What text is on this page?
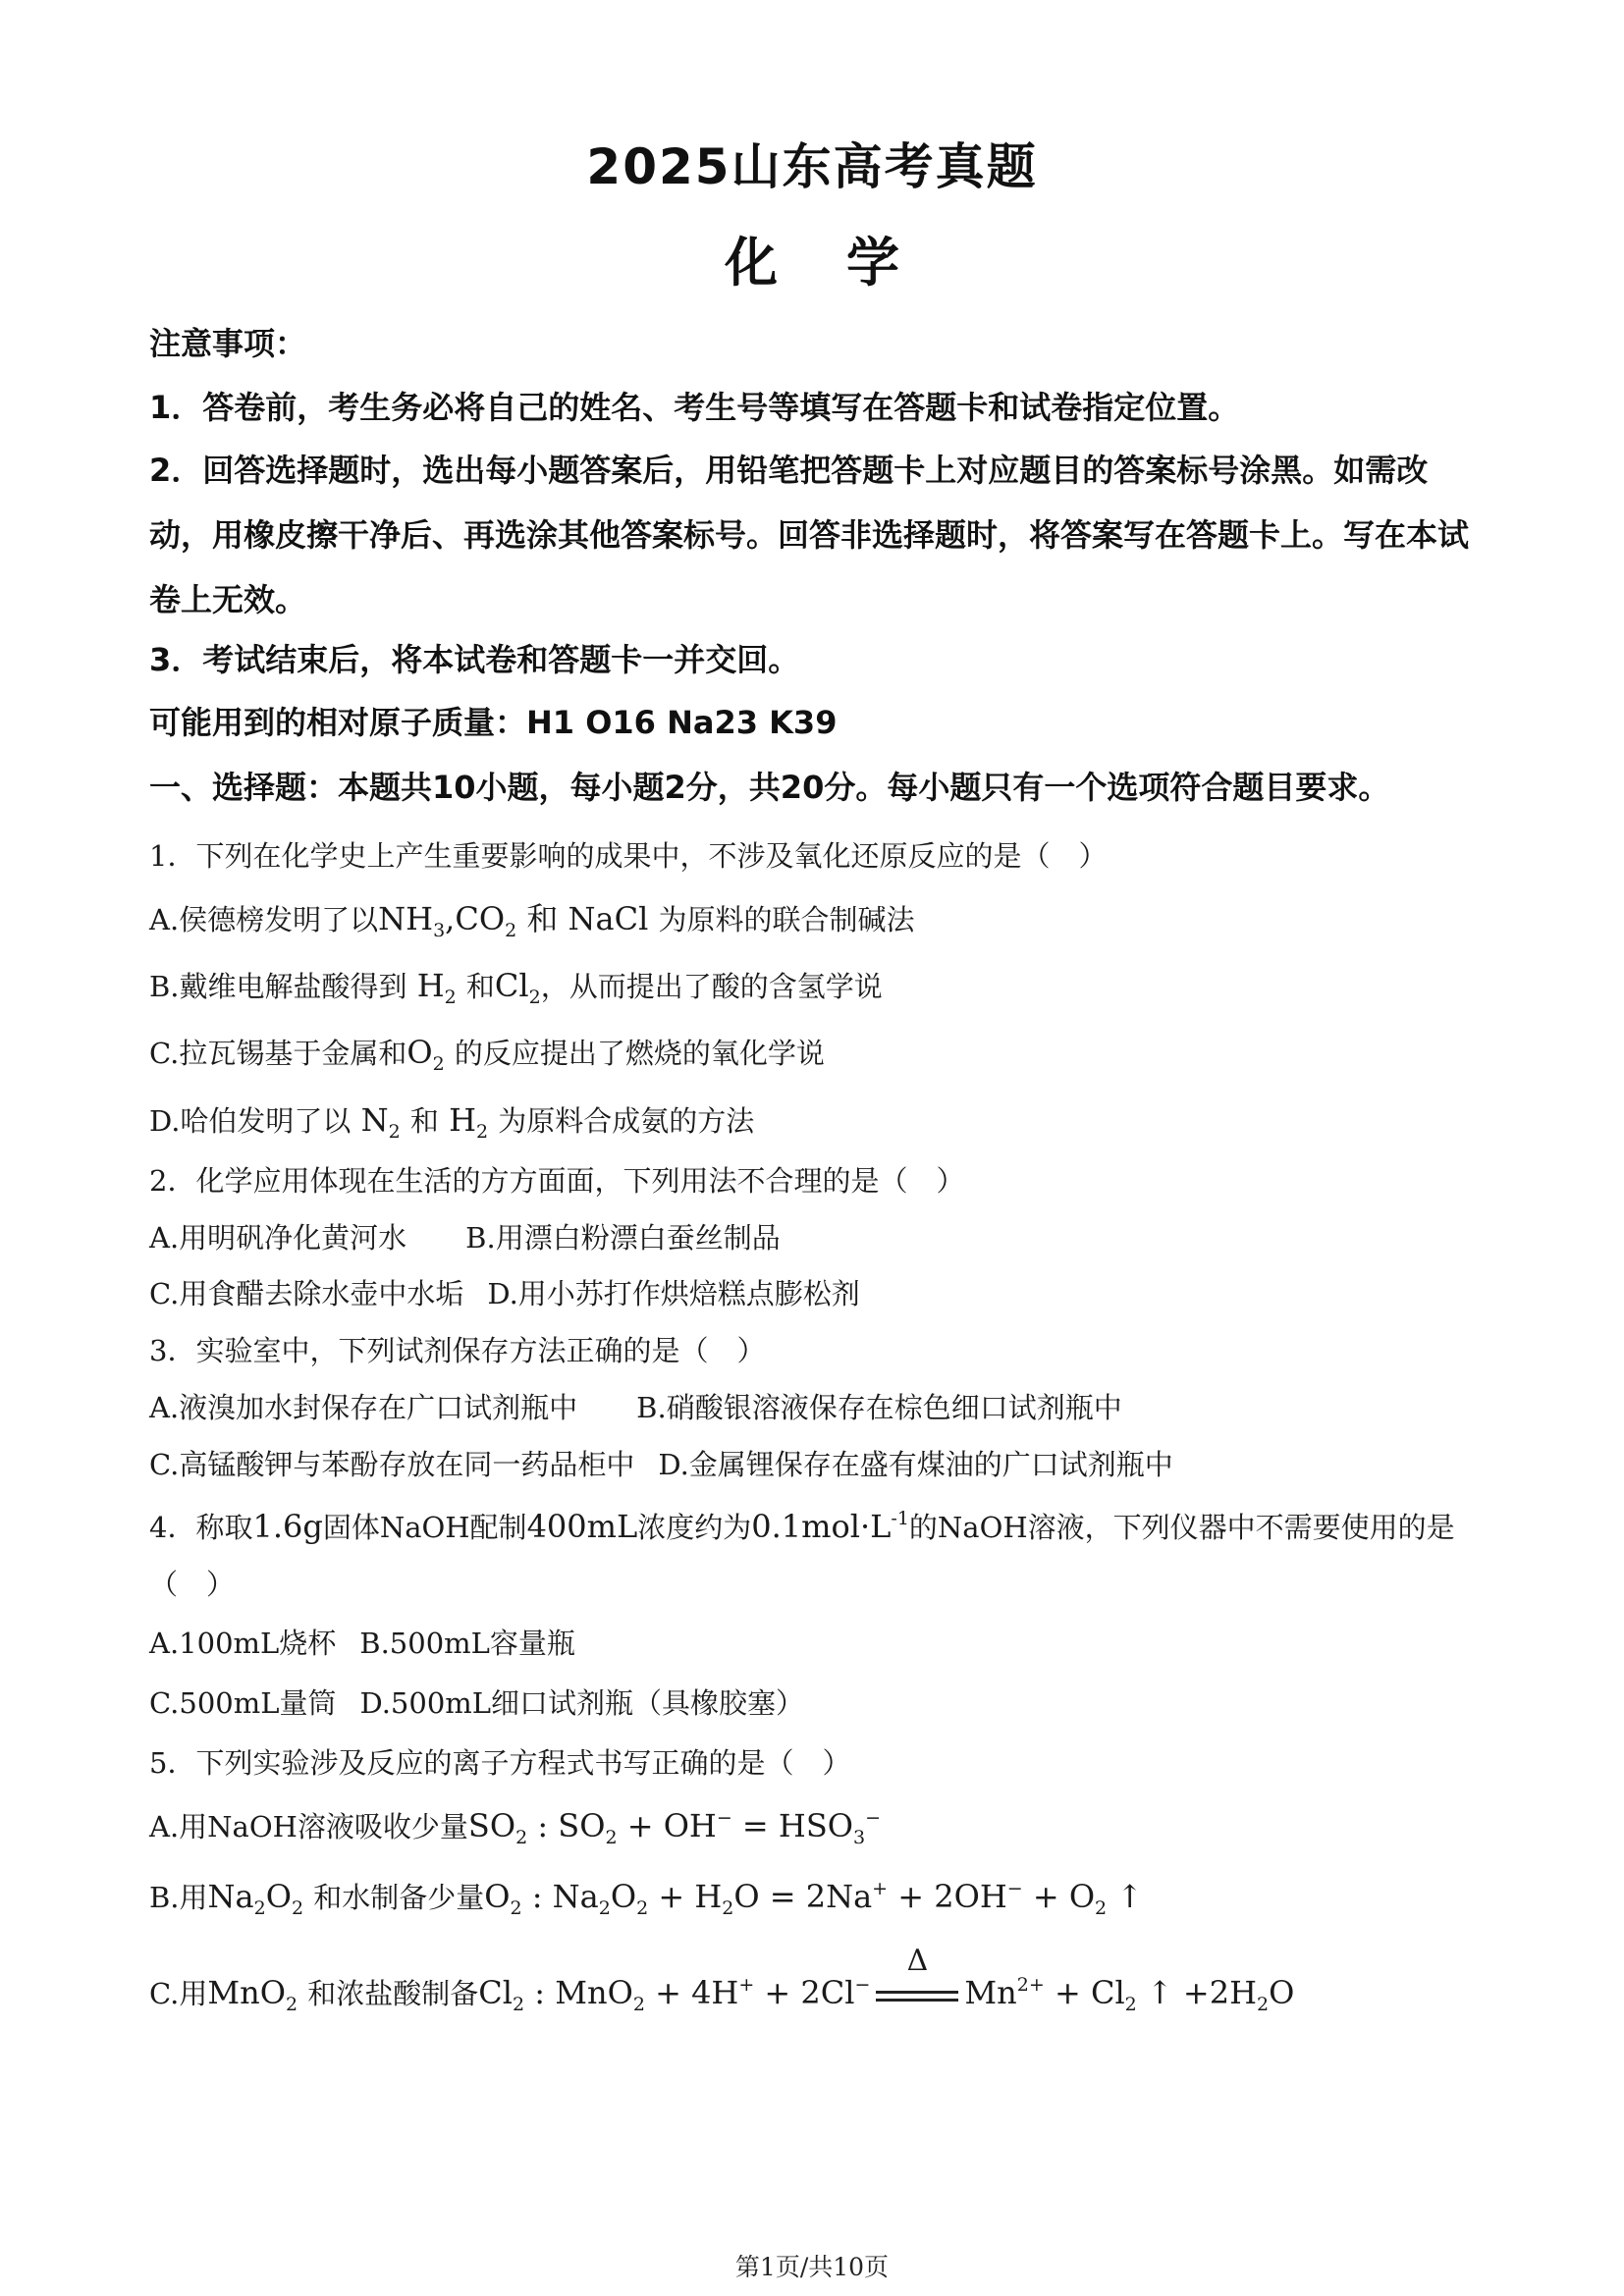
2025山东高考真题
化学
注意事项：
1．答卷前，考生务必将自己的姓名、考生号等填写在答题卡和试卷指定位置。
2．回答选择题时，选出每小题答案后，用铅笔把答题卡上对应题目的答案标号涂黑。如需改动，用橡皮擦干净后、再选涂其他答案标号。回答非选择题时，将答案写在答题卡上。写在本试卷上无效。
3．考试结束后，将本试卷和答题卡一并交回。
可能用到的相对原子质量：H1 O16 Na23 K39
一、选择题：本题共10小题，每小题2分，共20分。每小题只有一个选项符合题目要求。
1．下列在化学史上产生重要影响的成果中，不涉及氧化还原反应的是（　）
A.侯德榜发明了以$NH_3,CO_2$ 和 NaCl 为原料的联合制碱法
B.戴维电解盐酸得到 $H_2$ 和$Cl_2$，从而提出了酸的含氢学说
C.拉瓦锡基于金属和$O_2$ 的反应提出了燃烧的氧化学说
D.哈伯发明了以 $N_2$ 和 $H_2$ 为原料合成氨的方法
2．化学应用体现在生活的方方面面，下列用法不合理的是（　）
A.用明矾净化黄河水 B.用漂白粉漂白蚕丝制品
C.用食醋去除水壶中水垢 D.用小苏打作烘焙糕点膨松剂
3．实验室中，下列试剂保存方法正确的是（　）
A.液溴加水封保存在广口试剂瓶中 B.硝酸银溶液保存在棕色细口试剂瓶中
C.高锰酸钾与苯酚存放在同一药品柜中 D.金属锂保存在盛有煤油的广口试剂瓶中
4．称取1.6g固体NaOH配制400mL浓度约为$0.1mol\cdot L^{-1}$的NaOH溶液，下列仪器中不需要使用的是
（　）
A.100mL烧杯 B.500mL容量瓶
C.500mL量筒 D.500mL细口试剂瓶（具橡胶塞）
5．下列实验涉及反应的离子方程式书写正确的是（　）
A.用NaOH溶液吸收少量$SO_2$ : $SO_2 + OH^- = HSO_3^-$
B.用$Na_2O_2$ 和水制备少量$O_2$ : $Na_2O_2 + H_2O = 2Na^+ + 2OH^- + O_2$ ↑
C.用MnO$_2$ 和浓盐酸制备$Cl_2$ : MnO$_2$ + 4H+ + 2Cl−
Δ
$Mn^{2+} + Cl_2$ ↑ $+2H_2O$
第1页/共10页
